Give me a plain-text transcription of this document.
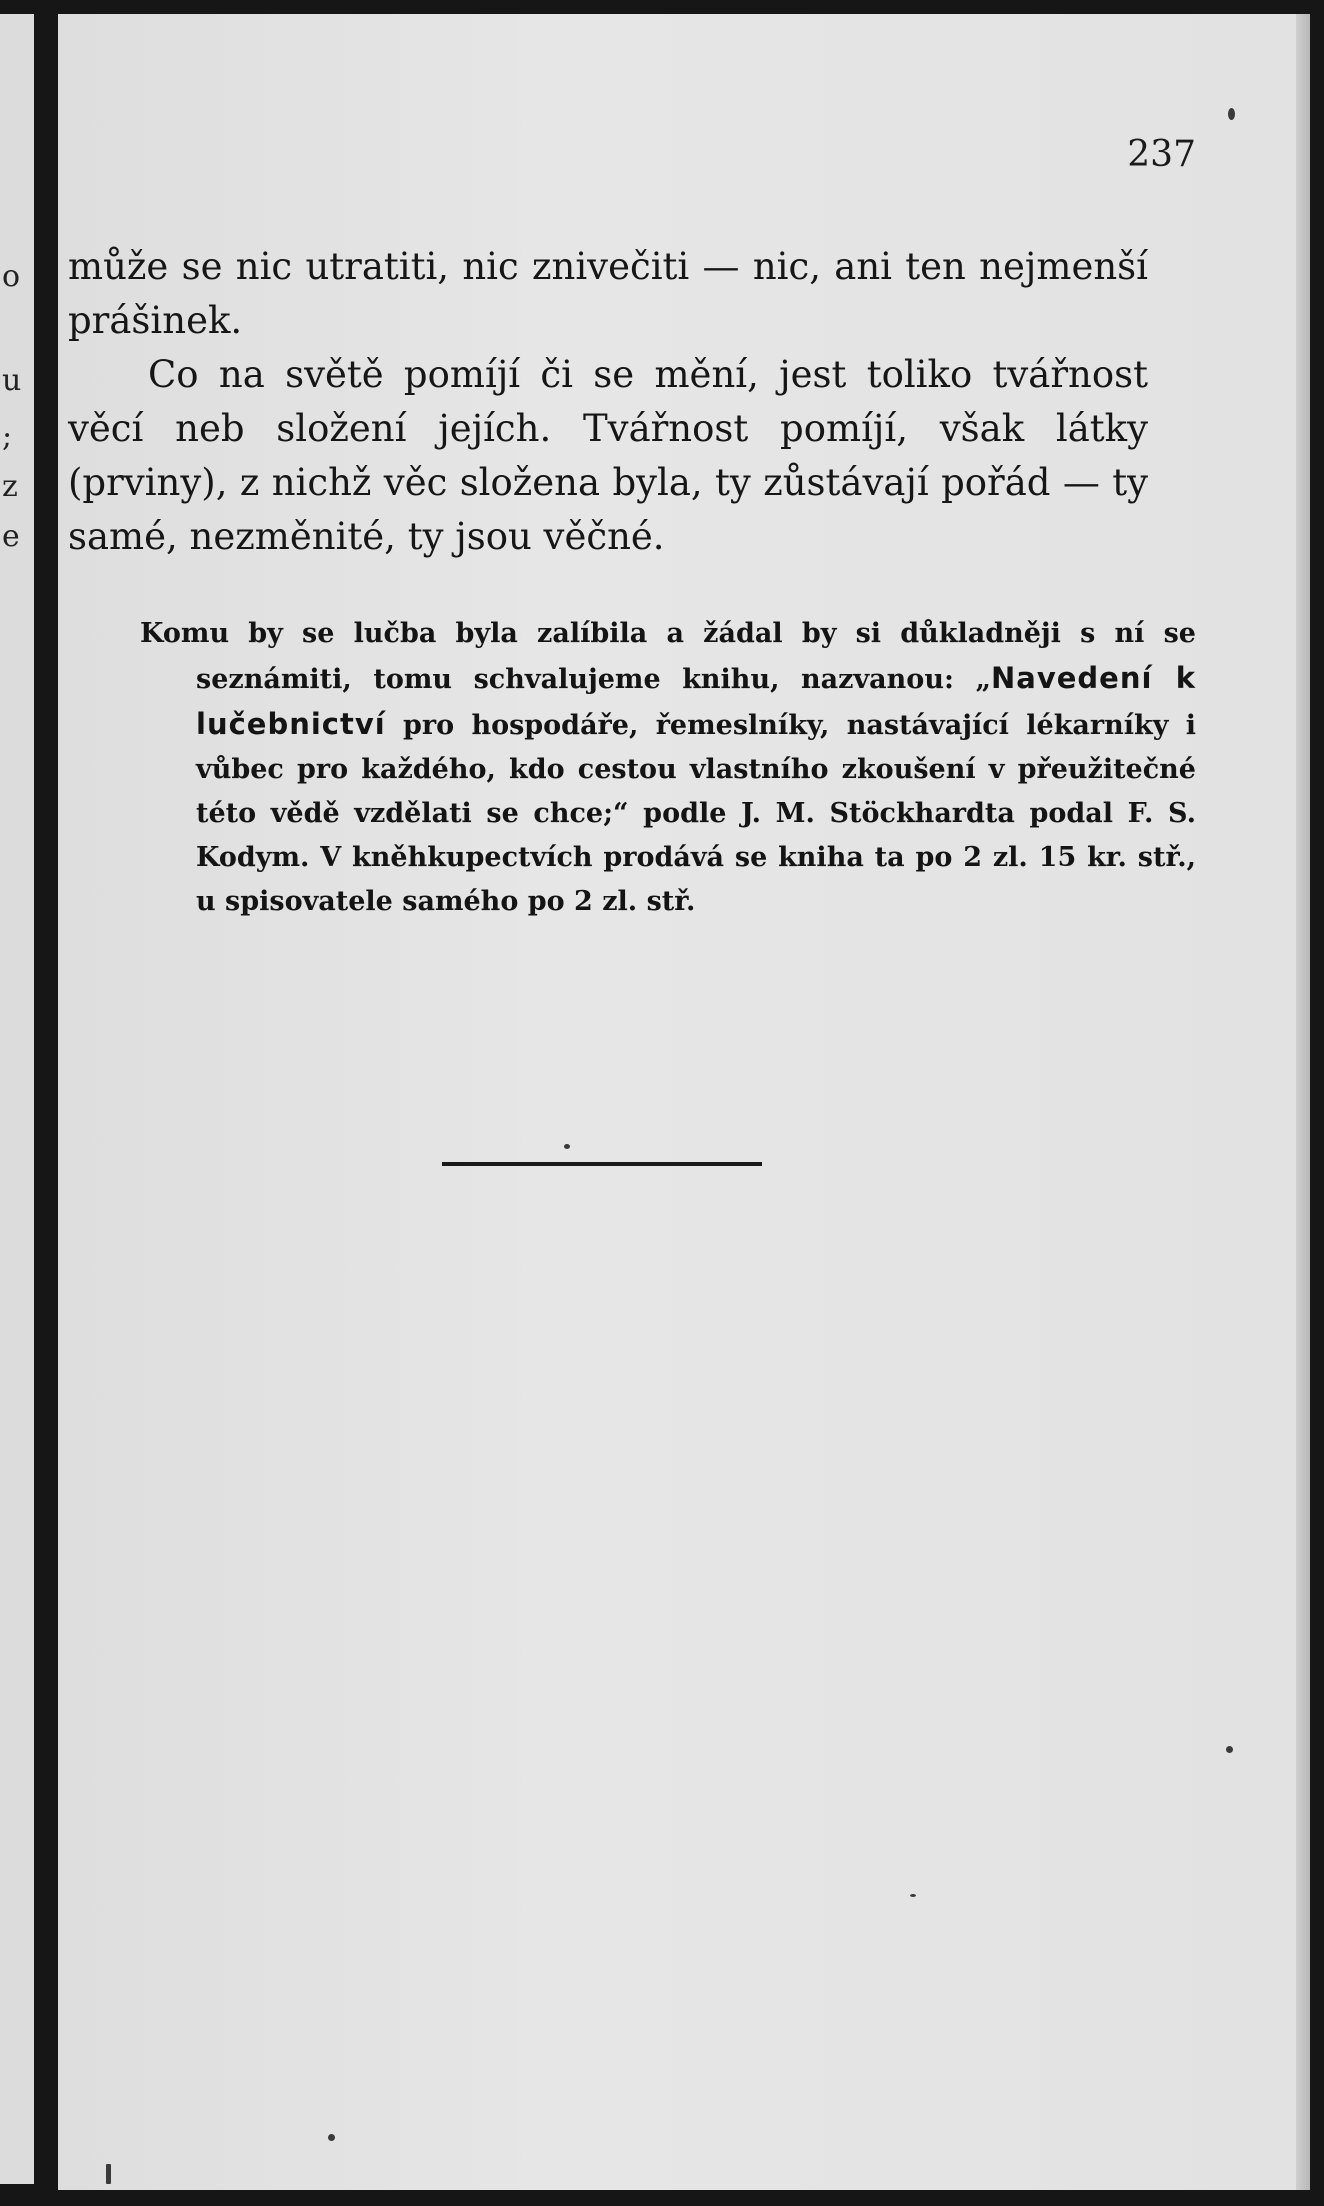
o
u
;
z
e
237

může se nic utratiti, nic znivečiti — nic, ani ten nejmenší prášinek.

Co na světě pomíjí či se mění, jest toliko tvářnost věcí neb složení jejích. Tvářnost pomíjí, však látky (prviny), z nichž věc složena byla, ty zůstávají pořád — ty samé, nezměnité, ty jsou věčné.

Komu by se lučba byla zalíbila a žádal by si důkladněji s ní se seznámiti, tomu schvalujeme knihu, nazvanou: „Navedení k lučebnictví pro hospodáře, řemeslníky, nastávající lékarníky i vůbec pro každého, kdo cestou vlastního zkoušení v přeužitečné této vědě vzdělati se chce;“ podle J. M. Stöckhardta podal F. S. Kodym. V kněhkupectvích prodává se kniha ta po 2 zl. 15 kr. stř., u spisovatele samého po 2 zl. stř.
